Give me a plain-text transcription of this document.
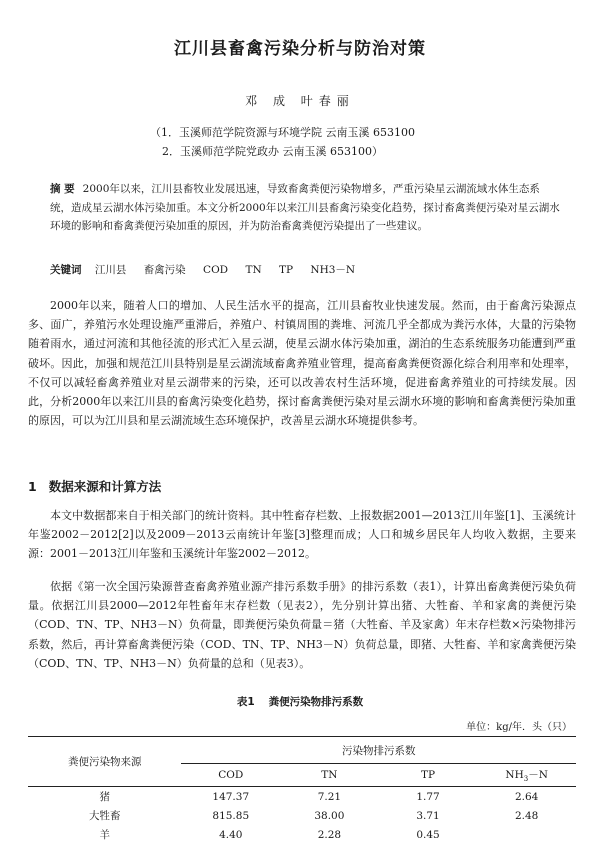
江川县畜禽污染分析与防治对策
邓 成 叶春丽
（1．玉溪师范学院资源与环境学院 云南玉溪 653100
2．玉溪师范学院党政办 云南玉溪 653100）
摘 要 2000年以来，江川县畜牧业发展迅速，导致畜禽粪便污染物增多，严重污染星云湖流域水体生态系统，造成星云湖水体污染加重。本文分析2000年以来江川县畜禽污染变化趋势，探讨畜禽粪便污染对星云湖水环境的影响和畜禽粪便污染加重的原因，并为防治畜禽粪便污染提出了一些建议。
关键词 江川县 畜禽污染 COD TN TP NH3－N
2000年以来，随着人口的增加、人民生活水平的提高，江川县畜牧业快速发展。然而，由于畜禽污染源点多、面广，养殖污水处理设施严重滞后，养殖户、村镇周围的粪堆、河流几乎全都成为粪污水体，大量的污染物随着雨水，通过河流和其他径流的形式汇入星云湖，使星云湖水体污染加重，湖泊的生态系统服务功能遭到严重破坏。因此，加强和规范江川县特别是星云湖流域畜禽养殖业管理，提高畜禽粪便资源化综合利用率和处理率，不仅可以减轻畜禽养殖业对星云湖带来的污染，还可以改善农村生活环境，促进畜禽养殖业的可持续发展。因此，分析2000年以来江川县的畜禽污染变化趋势，探讨畜禽粪便污染对星云湖水环境的影响和畜禽粪便污染加重的原因，可以为江川县和星云湖流域生态环境保护，改善星云湖水环境提供参考。
1 数据来源和计算方法
本文中数据都来自于相关部门的统计资料。其中牲畜存栏数、上报数据2001—2013江川年鉴[1]、玉溪统计年鉴2002－2012[2]以及2009－2013云南统计年鉴[3]整理而成；人口和城乡居民年人均收入数据，主要来源：2001－2013江川年鉴和玉溪统计年鉴2002－2012。
依据《第一次全国污染源普查畜禽养殖业源产排污系数手册》的排污系数（表1），计算出畜禽粪便污染负荷量。依据江川县2000—2012年牲畜年末存栏数（见表2），先分别计算出猪、大牲畜、羊和家禽的粪便污染（COD、TN、TP、NH3－N）负荷量，即粪便污染负荷量＝猪（大牲畜、羊及家禽）年末存栏数×污染物排污系数，然后，再计算畜禽粪便污染（COD、TN、TP、NH3－N）负荷总量，即猪、大牲畜、羊和家禽粪便污染（COD、TN、TP、NH3－N）负荷量的总和（见表3）。
表1 粪便污染物排污系数
单位：kg/年．头（只）
粪便污染物来源	污染物排污系数			
	COD	TN	TP	$NH_3-N$
猪	147.37	7.21	1.77	2.64
大牲畜	815.85	38.00	3.71	2.48
羊	4.40	2.28	0.45	
